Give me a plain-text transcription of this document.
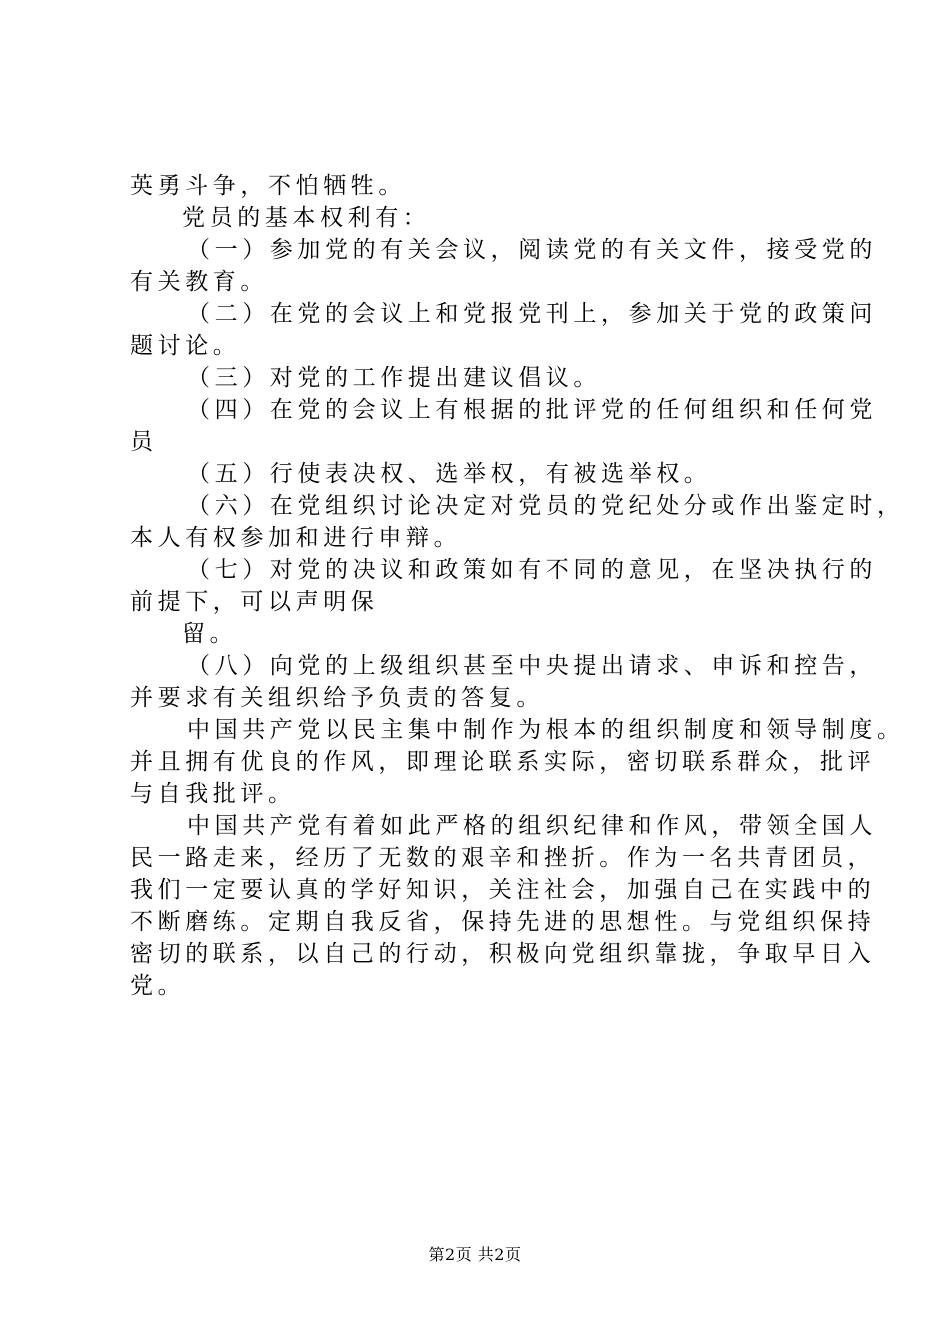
英勇斗争，不怕牺牲。
党员的基本权利有：
（一）参加党的有关会议，阅读党的有关文件，接受党的
有关教育。
（二）在党的会议上和党报党刊上，参加关于党的政策问
题讨论。
（三）对党的工作提出建议倡议。
（四）在党的会议上有根据的批评党的任何组织和任何党
员
（五）行使表决权、选举权，有被选举权。
（六）在党组织讨论决定对党员的党纪处分或作出鉴定时，
本人有权参加和进行申辩。
（七）对党的决议和政策如有不同的意见，在坚决执行的
前提下，可以声明保
留。
（八）向党的上级组织甚至中央提出请求、申诉和控告，
并要求有关组织给予负责的答复。
中国共产党以民主集中制作为根本的组织制度和领导制度。
并且拥有优良的作风，即理论联系实际，密切联系群众，批评
与自我批评。
中国共产党有着如此严格的组织纪律和作风，带领全国人
民一路走来，经历了无数的艰辛和挫折。作为一名共青团员，
我们一定要认真的学好知识，关注社会，加强自己在实践中的
不断磨练。定期自我反省，保持先进的思想性。与党组织保持
密切的联系，以自己的行动，积极向党组织靠拢，争取早日入
党。
第2页 共2页
